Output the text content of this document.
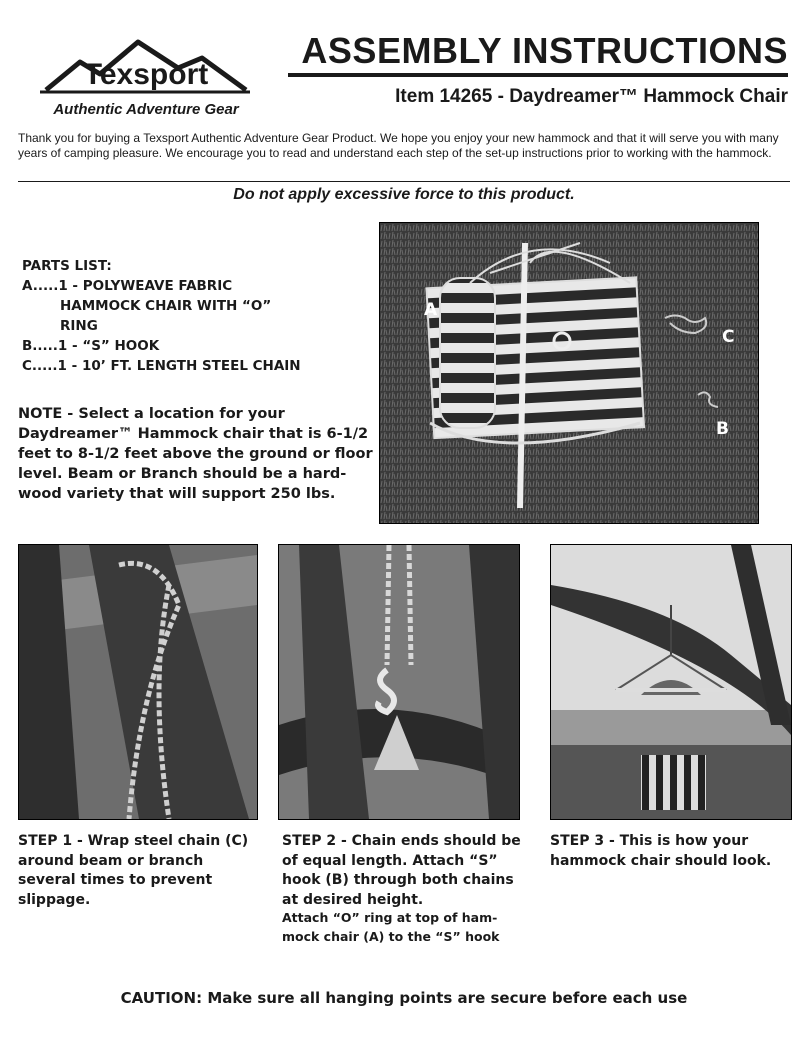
Texsport
Authentic Adventure Gear
ASSEMBLY INSTRUCTIONS
Item 14265 - Daydreamer™ Hammock Chair
Thank you for buying a Texsport Authentic Adventure Gear Product. We hope you enjoy your new hammock and that it will serve you with many years of camping pleasure. We encourage you to read and understand each step of the set-up instructions prior to working with the hammock.
Do not apply excessive force to this product.
PARTS LIST:
A.....1 - POLYWEAVE FABRIC
HAMMOCK CHAIR WITH “O”
RING
B.....1 - “S” HOOK
C.....1 - 10’ FT. LENGTH STEEL CHAIN
NOTE - Select a location for your Daydreamer™ Hammock chair that is 6-1/2 feet to 8-1/2 feet above the ground or floor level. Beam or Branch should be a hard-wood variety that will support 250 lbs.
A
B
C
STEP 1 - Wrap steel chain (C) around beam or branch several times to prevent slippage.
STEP 2 - Chain ends should be of equal length. Attach “S” hook (B) through both chains at desired height.
Attach “O” ring at top of ham-mock chair (A) to the “S” hook
STEP 3 - This is how your hammock chair should look.
CAUTION: Make sure all hanging points are secure before each use
